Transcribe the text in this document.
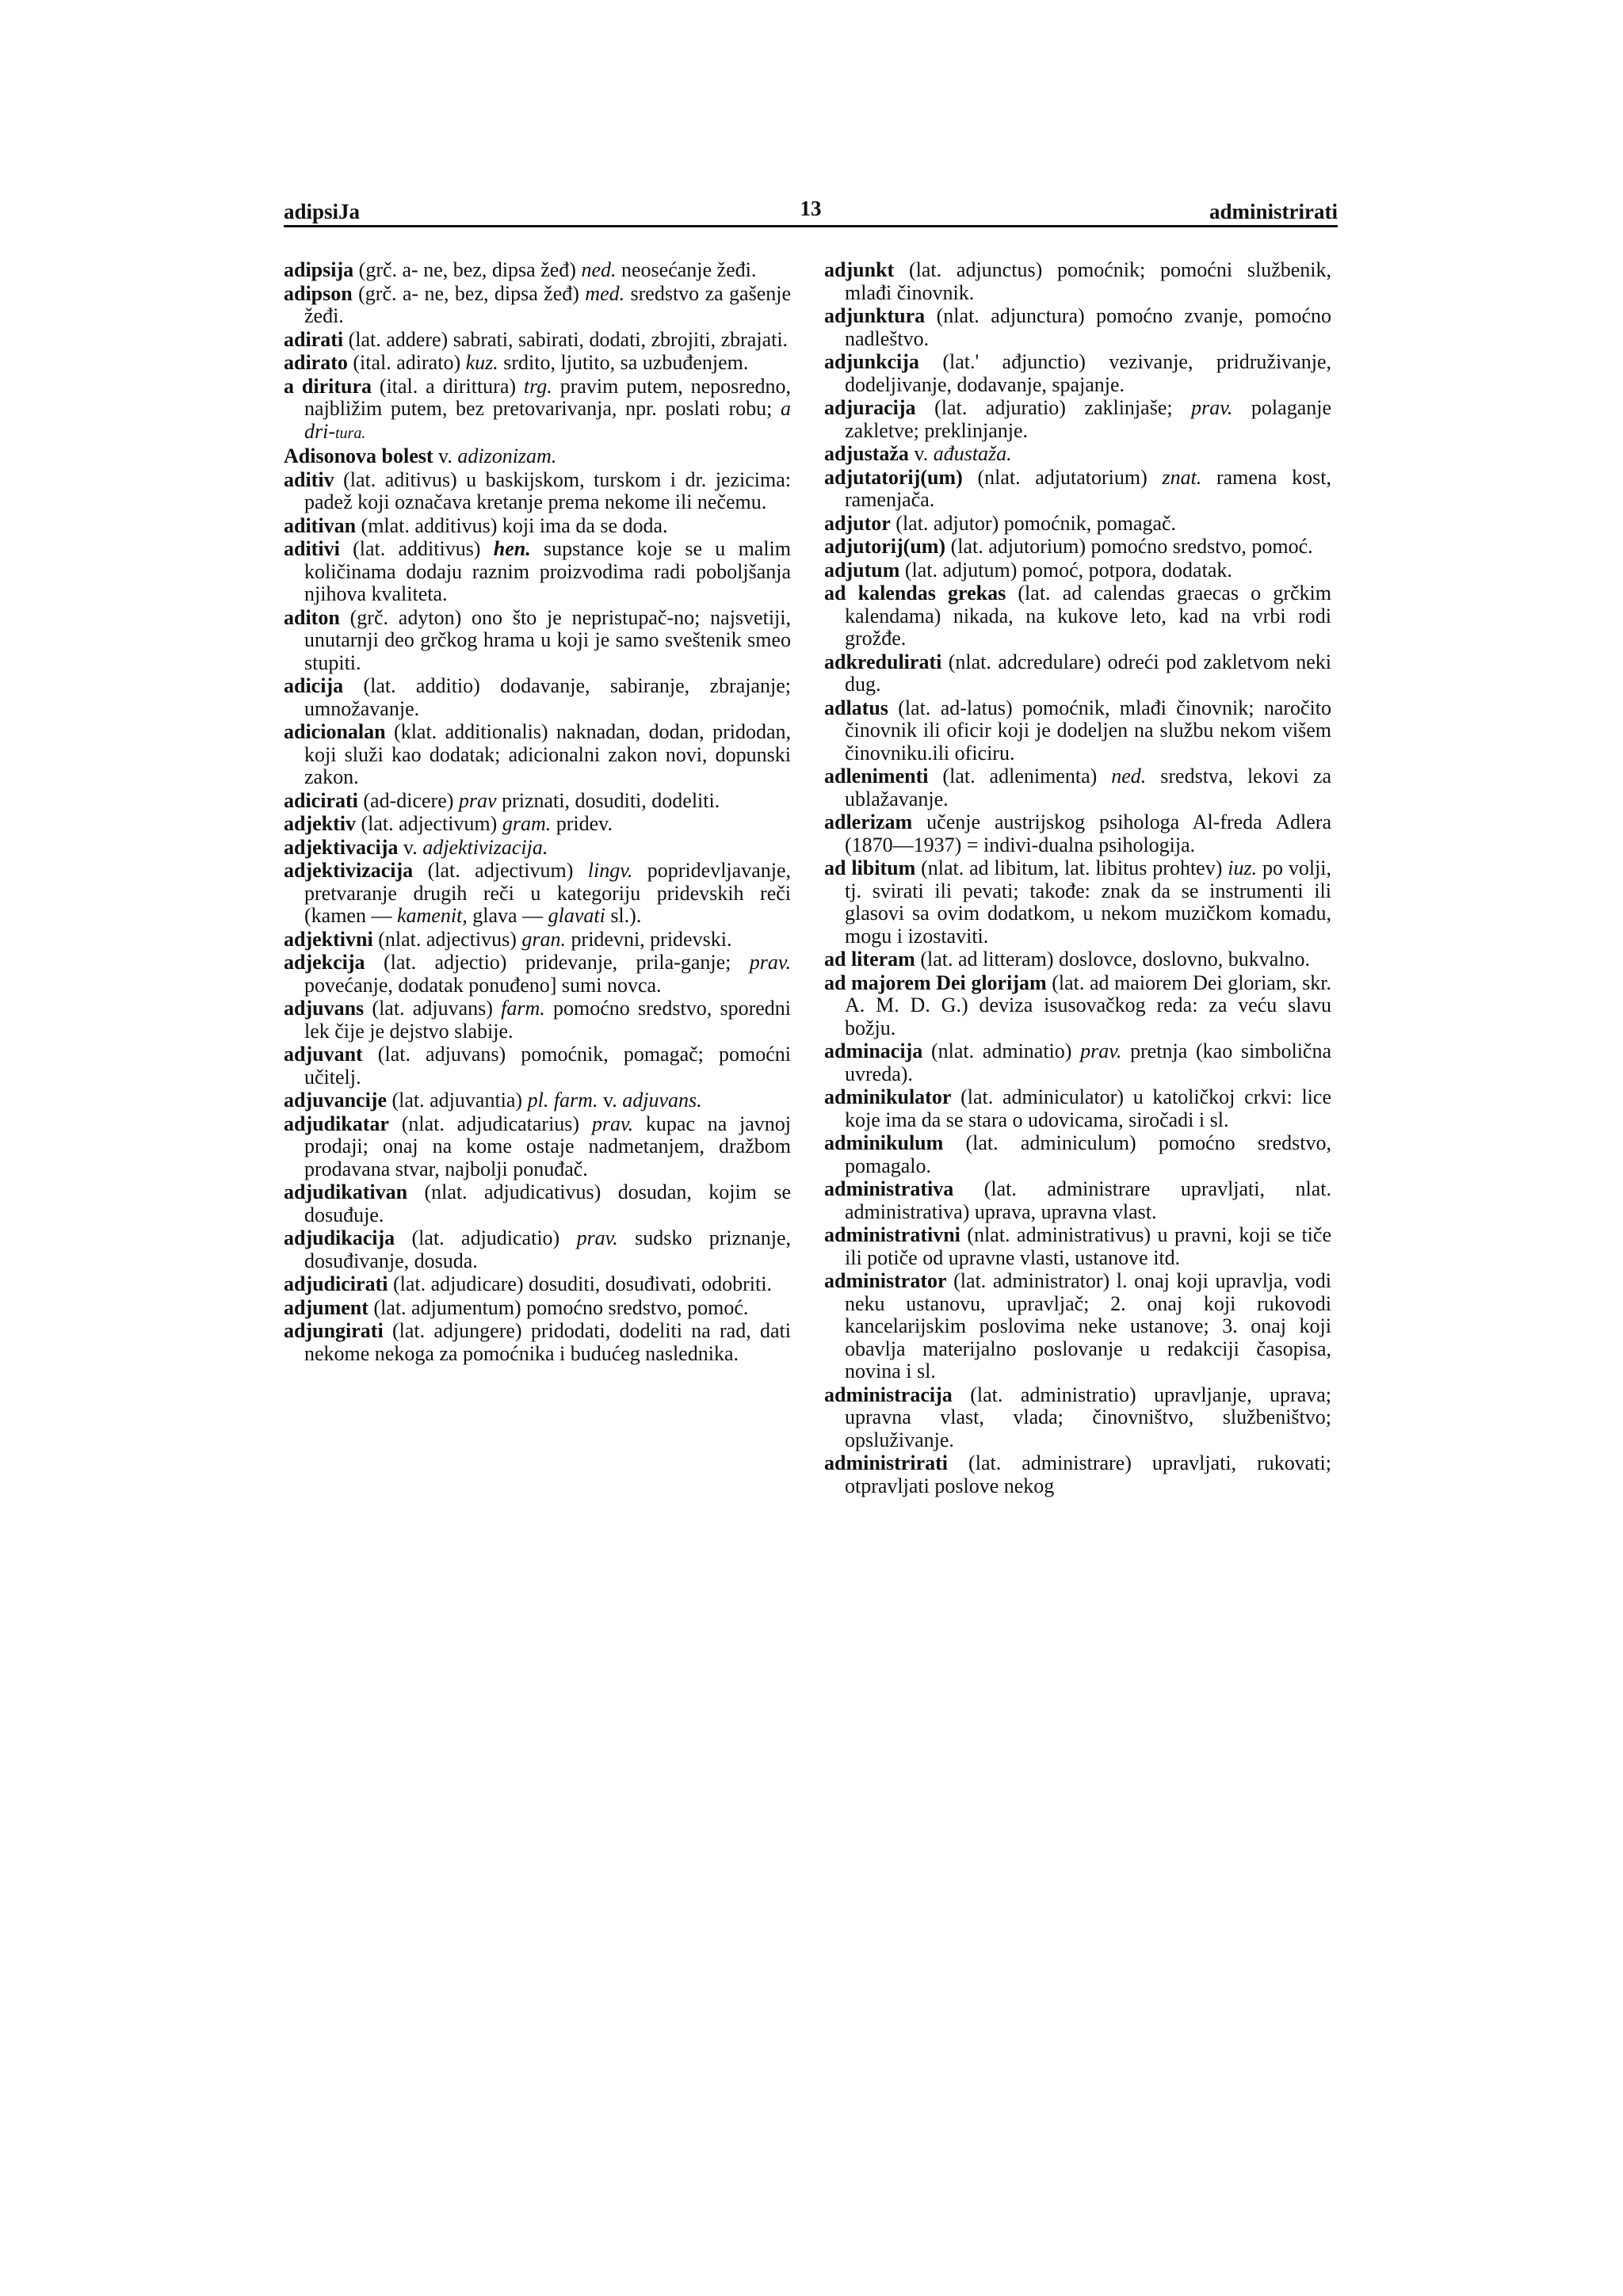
13
adipsiJa	administrirati

adipsija (grč. a- ne, bez, dipsa žeđ) ned. neosećanje žeđi.

adipson (grč. a- ne, bez, dipsa žeđ) med. sredstvo za gašenje žeđi.

adirati (lat. addere) sabrati, sabirati, dodati, zbrojiti, zbrajati.

adirato (ital. adirato) kuz. srdito, ljutito, sa uzbuđenjem.

a diritura (ital. a dirittura) trg. pravim putem, neposredno, najbližim putem, bez pretovarivanja, npr. poslati robu; a dri-tura.

Adisonova bolest v. adizonizam.

aditiv (lat. aditivus) u baskijskom, turskom i dr. jezicima: padež koji označava kretanje prema nekome ili nečemu.

aditivan (mlat. additivus) koji ima da se doda.

aditivi (lat. additivus) hen. supstance koje se u malim količinama dodaju raznim proizvodima radi poboljšanja njihova kvaliteta.

aditon (grč. adyton) ono što je nepristupač-no; najsvetiji, unutarnji deo grčkog hrama u koji je samo sveštenik smeo stupiti.

adicija (lat. additio) dodavanje, sabiranje, zbrajanje; umnožavanje.

adicionalan (klat. additionalis) naknadan, dodan, pridodan, koji služi kao dodatak; adicionalni zakon novi, dopunski zakon.

adicirati (ad-dicere) prav priznati, dosuditi, dodeliti.

adjektiv (lat. adjectivum) gram. pridev.

adjektivacija v. adjektivizacija.

adjektivizacija (lat. adjectivum) lingv. popridevljavanje, pretvaranje drugih reči u kategoriju pridevskih reči (kamen — kamenit, glava — glavati sl.).

adjektivni (nlat. adjectivus) gran. pridevni, pridevski.

adjekcija (lat. adjectio) pridevanje, prila-ganje; prav. povećanje, dodatak ponuđeno] sumi novca.

adjuvans (lat. adjuvans) farm. pomoćno sredstvo, sporedni lek čije je dejstvo slabije.

adjuvant (lat. adjuvans) pomoćnik, pomagač; pomoćni učitelj.

adjuvancije (lat. adjuvantia) pl. farm. v. adjuvans.

adjudikatar (nlat. adjudicatarius) prav. kupac na javnoj prodaji; onaj na kome ostaje nadmetanjem, dražbom prodavana stvar, najbolji ponuđač.

adjudikativan (nlat. adjudicativus) dosudan, kojim se dosuđuje.

adjudikacija (lat. adjudicatio) prav. sudsko priznanje, dosuđivanje, dosuda.

adjudicirati (lat. adjudicare) dosuditi, dosuđivati, odobriti.

adjument (lat. adjumentum) pomoćno sredstvo, pomoć.

adjungirati (lat. adjungere) pridodati, dodeliti na rad, dati nekome nekoga za pomoćnika i budućeg naslednika.

adjunkt (lat. adjunctus) pomoćnik; pomoćni službenik, mlađi činovnik.

adjunktura (nlat. adjunctura) pomoćno zvanje, pomoćno nadleštvo.

adjunkcija (lat.' ađjunctio) vezivanje, pridruživanje, dodeljivanje, dodavanje, spajanje.

adjuracija (lat. adjuratio) zaklinjaše; prav. polaganje zakletve; preklinjanje.

adjustaža v. ađustaža.

adjutatorij(um) (nlat. adjutatorium) znat. ramena kost, ramenjača.

adjutor (lat. adjutor) pomoćnik, pomagač.

adjutorij(um) (lat. adjutorium) pomoćno sredstvo, pomoć.

adjutum (lat. adjutum) pomoć, potpora, dodatak.

ad kalendas grekas (lat. ad calendas graecas o grčkim kalendama) nikada, na kukove leto, kad na vrbi rodi grožđe.

adkredulirati (nlat. adcredulare) odreći pod zakletvom neki dug.

adlatus (lat. ad-latus) pomoćnik, mlađi činovnik; naročito činovnik ili oficir koji je dodeljen na službu nekom višem činovniku.ili oficiru.

adlenimenti (lat. adlenimenta) ned. sredstva, lekovi za ublažavanje.

adlerizam učenje austrijskog psihologa Al-freda Adlera (1870—1937) = indivi-dualna psihologija.

ad libitum (nlat. ad libitum, lat. libitus prohtev) iuz. po volji, tj. svirati ili pevati; takođe: znak da se instrumenti ili glasovi sa ovim dodatkom, u nekom muzičkom komadu, mogu i izostaviti.

ad literam (lat. ad litteram) doslovce, doslovno, bukvalno.

ad majorem Dei glorijam (lat. ad maiorem Dei gloriam, skr. A. M. D. G.) deviza isusovačkog reda: za veću slavu božju.

adminacija (nlat. adminatio) prav. pretnja (kao simbolična uvreda).

adminikulator (lat. adminiculator) u katoličkoj crkvi: lice koje ima da se stara o udovicama, siročadi i sl.

adminikulum (lat. adminiculum) pomoćno sredstvo, pomagalo.

administrativa (lat. administrare upravljati, nlat. administrativa) uprava, upravna vlast.

administrativni (nlat. administrativus) u pravni, koji se tiče ili potiče od upravne vlasti, ustanove itd.

administrator (lat. administrator) l. onaj koji upravlja, vodi neku ustanovu, upravljač; 2. onaj koji rukovodi kancelarijskim poslovima neke ustanove; 3. onaj koji obavlja materijalno poslovanje u redakciji časopisa, novina i sl.

administracija (lat. administratio) upravljanje, uprava; upravna vlast, vlada; činovništvo, službeništvo; opsluživanje.

administrirati (lat. administrare) upravljati, rukovati; otpravljati poslove nekog
